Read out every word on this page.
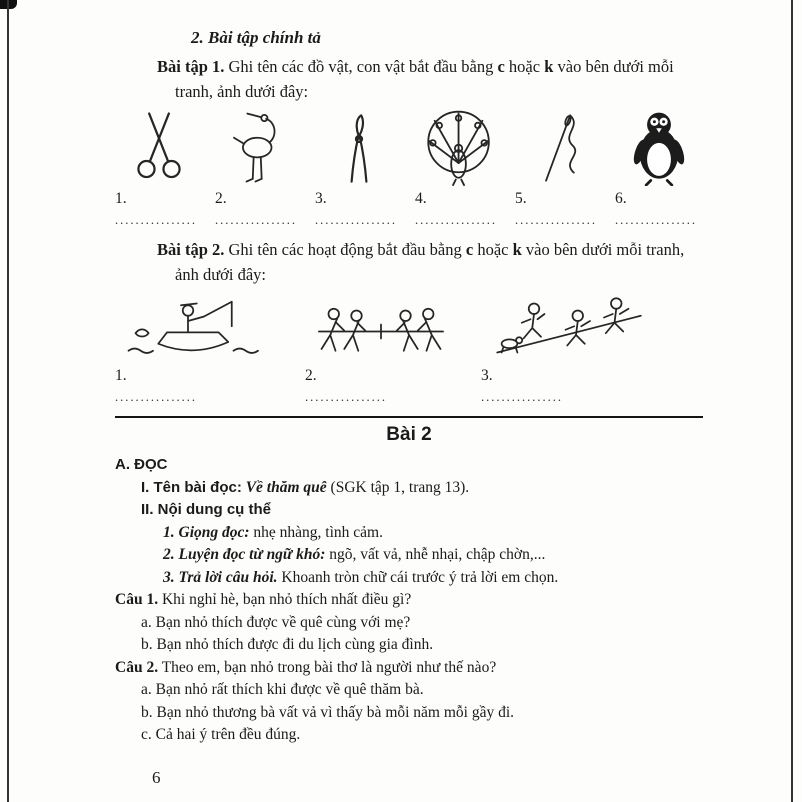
2. Bài tập chính tả

Bài tập 1. Ghi tên các đồ vật, con vật bắt đầu bằng c hoặc k vào bên dưới mỗi tranh, ảnh dưới đây:

1.
................
2.
................
3.
................
4.
................
5.
................
6.
................

Bài tập 2. Ghi tên các hoạt động bắt đầu bằng c hoặc k vào bên dưới mỗi tranh, ảnh dưới đây:

1.
................
2.
................
3.
................
Bài 2
A. ĐỌC
I. Tên bài đọc: Về thăm quê (SGK tập 1, trang 13).
II. Nội dung cụ thể
1. Giọng đọc: nhẹ nhàng, tình cảm.
2. Luyện đọc từ ngữ khó: ngõ, vất vả, nhễ nhại, chập chờn,...
3. Trả lời câu hỏi. Khoanh tròn chữ cái trước ý trả lời em chọn.
Câu 1. Khi nghỉ hè, bạn nhỏ thích nhất điều gì?
a. Bạn nhỏ thích được về quê cùng với mẹ?
b. Bạn nhỏ thích được đi du lịch cùng gia đình.
Câu 2. Theo em, bạn nhỏ trong bài thơ là người như thế nào?
a. Bạn nhỏ rất thích khi được về quê thăm bà.
b. Bạn nhỏ thương bà vất vả vì thấy bà mỗi năm mỗi gầy đi.
c. Cả hai ý trên đều đúng.
6
